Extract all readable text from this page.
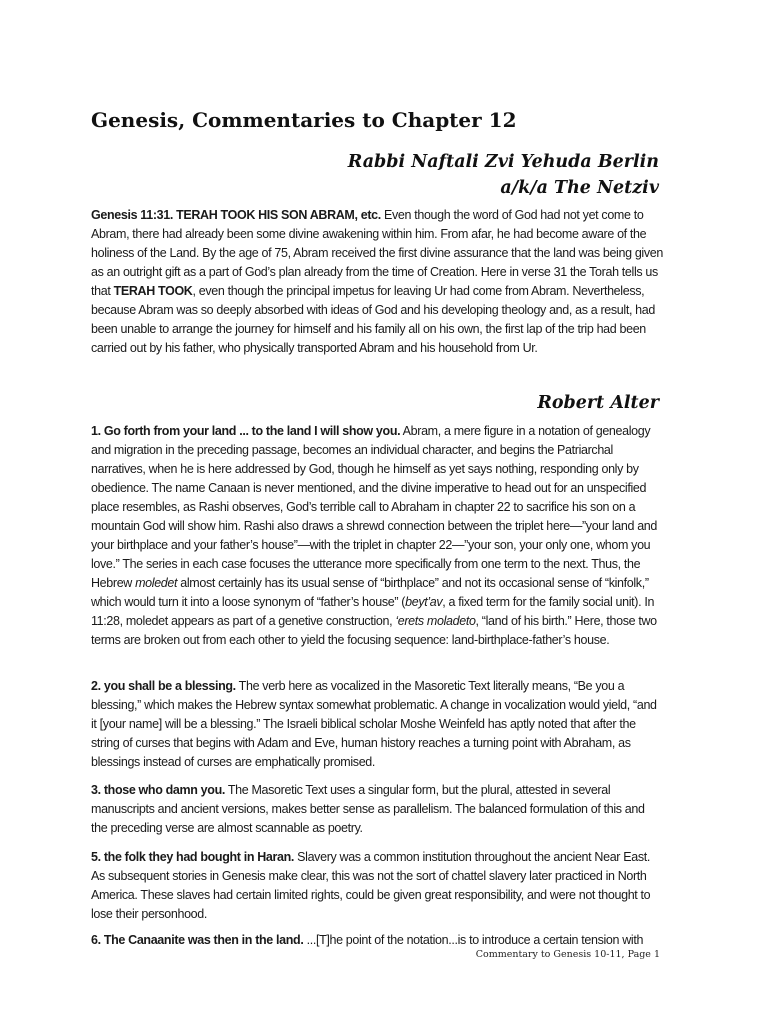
Genesis, Commentaries to Chapter 12
Rabbi Naftali Zvi Yehuda Berlin
a/k/a The Netziv

Genesis 11:31. TERAH TOOK HIS SON ABRAM, etc. Even though the word of God had not yet come to Abram, there had already been some divine awakening within him. From afar, he had become aware of the holiness of the Land. By the age of 75, Abram received the first divine assurance that the land was being given as an outright gift as a part of God’s plan already from the time of Creation. Here in verse 31 the Torah tells us that TERAH TOOK, even though the principal impetus for leaving Ur had come from Abram. Nevertheless, because Abram was so deeply absorbed with ideas of God and his developing theology and, as a result, had been unable to arrange the journey for himself and his family all on his own, the first lap of the trip had been carried out by his father, who physically transported Abram and his household from Ur.

Robert Alter

1. Go forth from your land ... to the land I will show you. Abram, a mere figure in a notation of genealogy and migration in the preceding passage, becomes an individual character, and begins the Patriarchal narratives, when he is here addressed by God, though he himself as yet says nothing, responding only by obedience. The name Canaan is never mentioned, and the divine imperative to head out for an unspecified place resembles, as Rashi observes, God’s terrible call to Abraham in chapter 22 to sacrifice his son on a mountain God will show him. Rashi also draws a shrewd connection between the triplet here—”your land and your birthplace and your father’s house”—with the triplet in chapter 22—”your son, your only one, whom you love.” The series in each case focuses the utterance more specifically from one term to the next. Thus, the Hebrew moledet almost certainly has its usual sense of “birthplace” and not its occasional sense of “kinfolk,” which would turn it into a loose synonym of “father’s house” (beyt’av, a fixed term for the family social unit). In 11:28, moledet appears as part of a genetive construction, ‘erets moladeto, “land of his birth.” Here, those two terms are broken out from each other to yield the focusing sequence: land-birthplace-father’s house.

2. you shall be a blessing. The verb here as vocalized in the Masoretic Text literally means, “Be you a blessing,” which makes the Hebrew syntax somewhat problematic. A change in vocalization would yield, “and it [your name] will be a blessing.” The Israeli biblical scholar Moshe Weinfeld has aptly noted that after the string of curses that begins with Adam and Eve, human history reaches a turning point with Abraham, as blessings instead of curses are emphatically promised.

3. those who damn you. The Masoretic Text uses a singular form, but the plural, attested in several manuscripts and ancient versions, makes better sense as parallelism. The balanced formulation of this and the preceding verse are almost scannable as poetry.

5. the folk they had bought in Haran. Slavery was a common institution throughout the ancient Near East. As subsequent stories in Genesis make clear, this was not the sort of chattel slavery later practiced in North America. These slaves had certain limited rights, could be given great responsibility, and were not thought to lose their personhood.

6. The Canaanite was then in the land. ...[T]he point of the notation...is to introduce a certain tension with

Commentary to Genesis 10-11, Page 1
